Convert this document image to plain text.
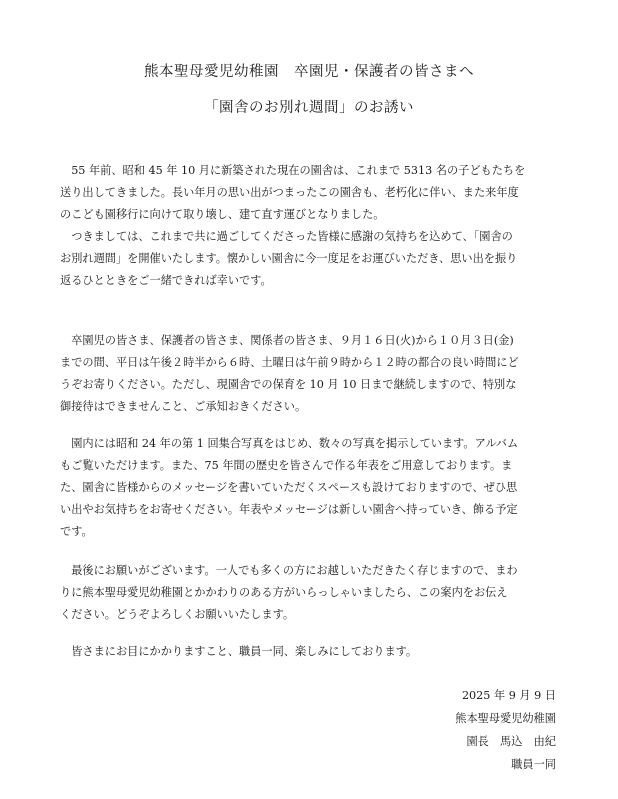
熊本聖母愛児幼稚園　卒園児・保護者の皆さまへ
「園舎のお別れ週間」のお誘い
　55 年前、昭和 45 年 10 月に新築された現在の園舎は、これまで 5313 名の子どもたちを
送り出してきました。長い年月の思い出がつまったこの園舎も、老朽化に伴い、また来年度
のこども園移行に向けて取り壊し、建て直す運びとなりました。
　つきましては、これまで共に過ごしてくださった皆様に感謝の気持ちを込めて、「園舎の
お別れ週間」を開催いたします。懐かしい園舎に今一度足をお運びいただき、思い出を振り
返るひとときをご一緒できれば幸いです。
　卒園児の皆さま、保護者の皆さま、関係者の皆さま、９月１６日(火)から１０月３日(金)
までの間、平日は午後２時半から６時、土曜日は午前９時から１２時の都合の良い時間にど
うぞお寄りください。ただし、現園舎での保育を 10 月 10 日まで継続しますので、特別な
御接待はできませんこと、ご承知おきください。
　園内には昭和 24 年の第 1 回集合写真をはじめ、数々の写真を掲示しています。アルバム
もご覧いただけます。また、75 年間の歴史を皆さんで作る年表をご用意しております。ま
た、園舎に皆様からのメッセージを書いていただくスペースも設けておりますので、ぜひ思
い出やお気持ちをお寄せください。年表やメッセージは新しい園舎へ持っていき、飾る予定
です。
　最後にお願いがございます。一人でも多くの方にお越しいただきたく存じますので、まわ
りに熊本聖母愛児幼稚園とかかわりのある方がいらっしゃいましたら、この案内をお伝え
ください。どうぞよろしくお願いいたします。
　皆さまにお目にかかりますこと、職員一同、楽しみにしております。
2025 年 9 月 9 日
熊本聖母愛児幼稚園
園長　馬込　由紀
職員一同
